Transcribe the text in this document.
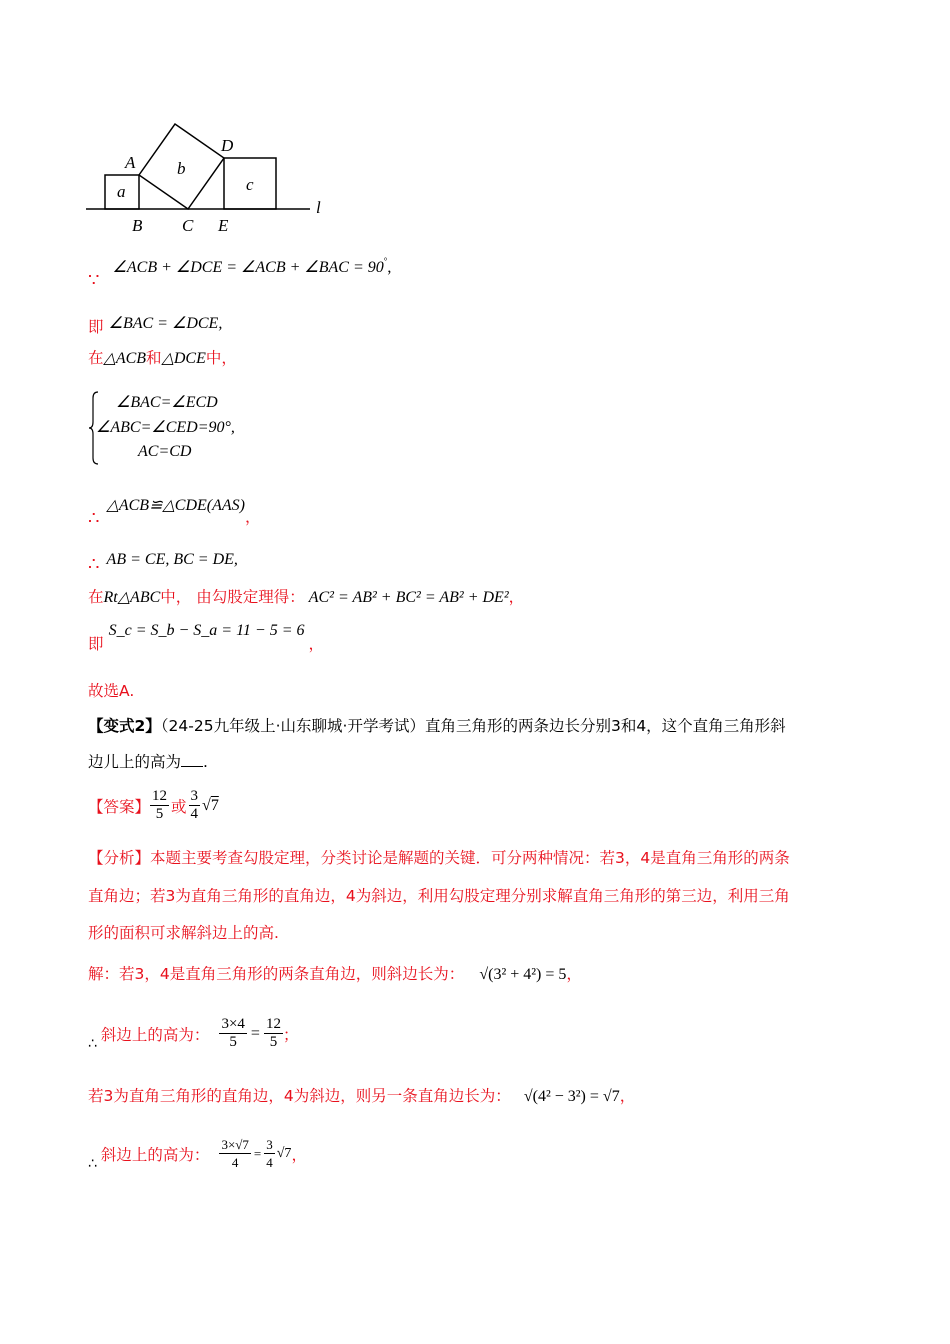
a
b
c
A
D
B C E
l
∵ ∠ACB + ∠DCE = ∠ACB + ∠BAC = 90°,
即 ∠BAC = ∠DCE,
在△ACB和△DCE中，
∠BAC=∠ECD
∠ABC=∠CED=90°,
AC=CD
∴ △ACB≌△CDE(AAS)，
∴ AB = CE, BC = DE,
在Rt△ABC中， 由勾股定理得： AC² = AB² + BC² = AB² + DE²，
即 S_c = S_b − S_a = 11 − 5 = 6，
故选A.
【变式2】（24-25九年级上·山东聊城·开学考试）直角三角形的两条边长分别3和4，这个直角三角形斜
边儿上的高为 .
【答案】 $\frac{12}{5}$ 或 $\frac{3}{4} √7$
【分析】本题主要考查勾股定理，分类讨论是解题的关键．可分两种情况：若3，4是直角三角形的两条
直角边；若3为直角三角形的直角边，4为斜边，利用勾股定理分别求解直角三角形的第三边，利用三角
形的面积可求解斜边上的高.
解：若3，4是直角三角形的两条直角边，则斜边长为： √(3² + 4²) = 5，
∴ 斜边上的高为： $\frac{3\times 4}{5} = \frac{12}{5}$ ；
若3为直角三角形的直角边，4为斜边，则另一条直角边长为： √(4² − 3²) = √7，
∴ 斜边上的高为： $\frac{3\times√7}{4} = \frac{3}{4} √7$ ，
